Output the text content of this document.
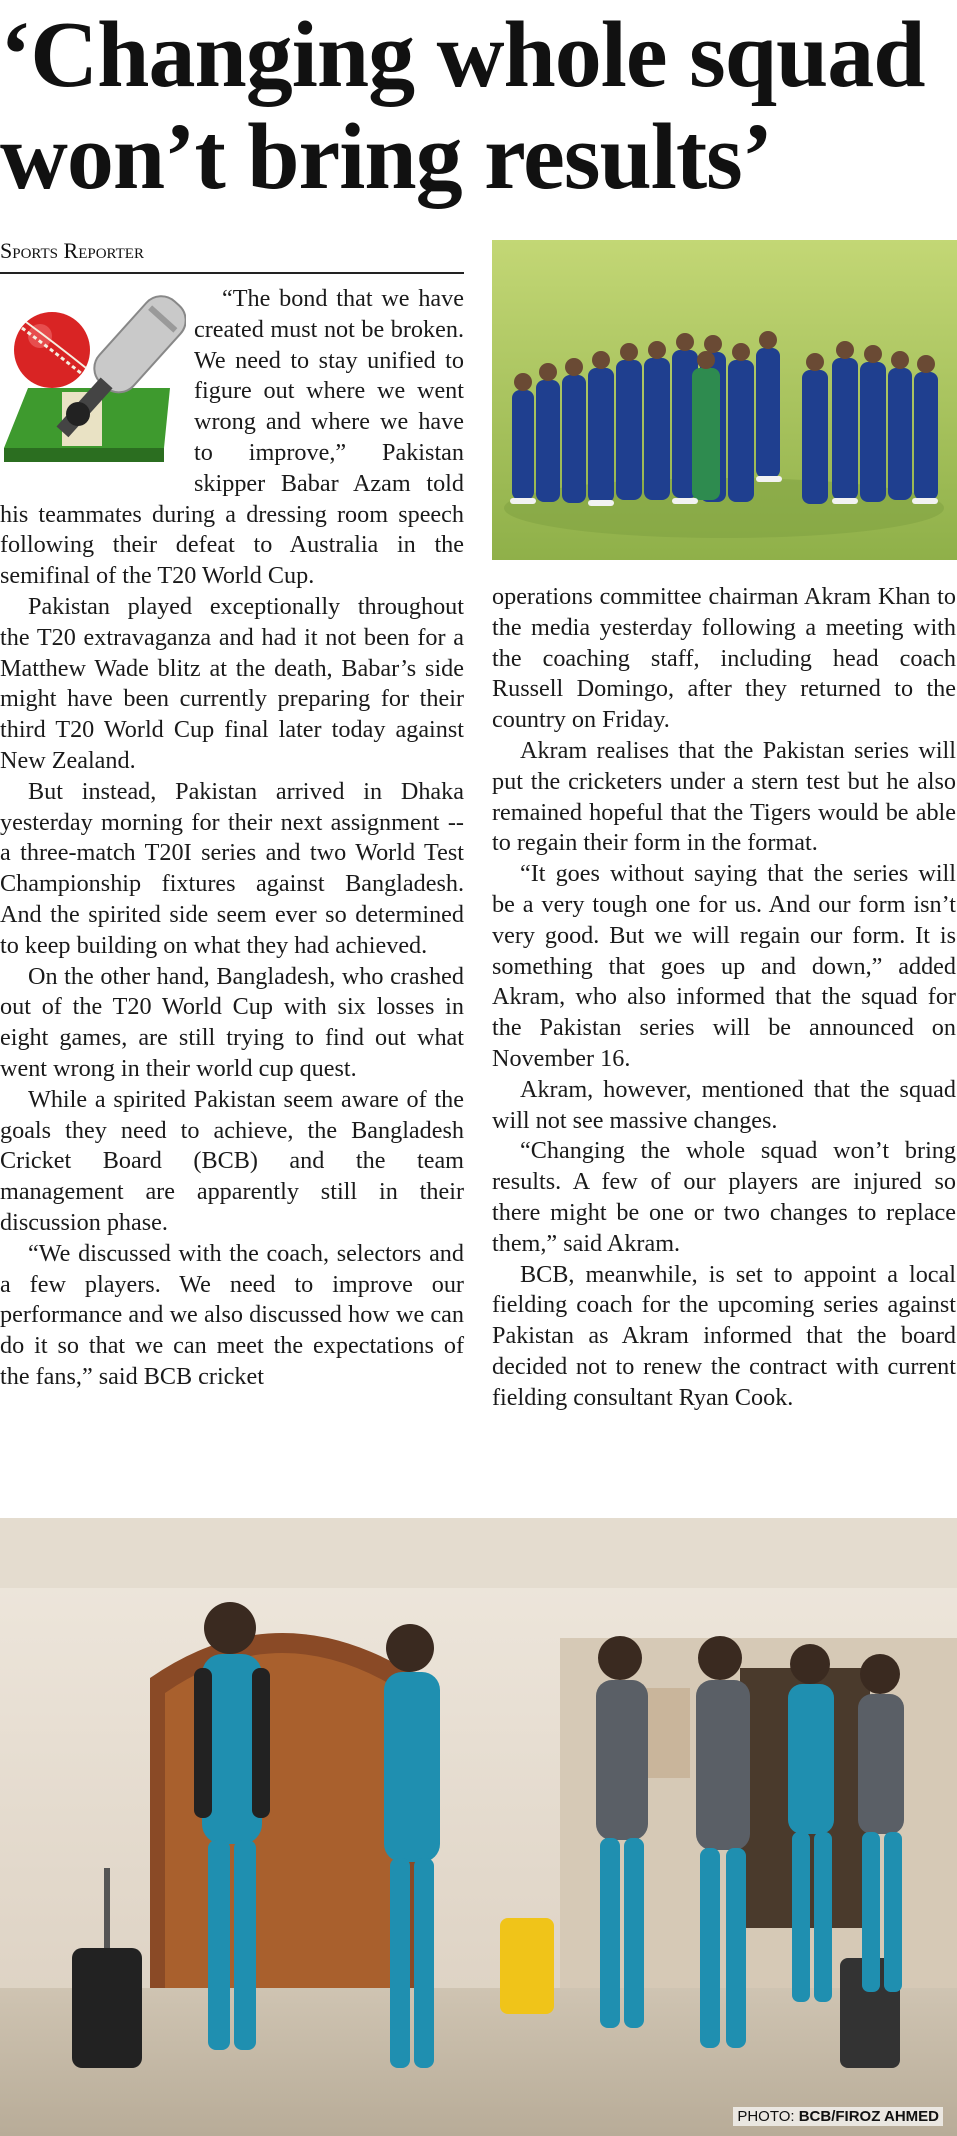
‘Changing whole squad
won’t bring results’
Sports Reporter

“The bond that we have created must not be broken. We need to stay unified to figure out where we went wrong and where we have to improve,” Pakistan skipper Babar Azam told his teammates during a dressing room speech following their defeat to Australia in the semifinal of the T20 World Cup.

Pakistan played exceptionally throughout the T20 extravaganza and had it not been for a Matthew Wade blitz at the death, Babar’s side might have been currently preparing for their third T20 World Cup final later today against New Zealand.

But instead, Pakistan arrived in Dhaka yesterday morning for their next assignment -- a three-match T20I series and two World Test Championship fixtures against Bangladesh. And the spirited side seem ever so determined to keep building on what they had achieved.

On the other hand, Bangladesh, who crashed out of the T20 World Cup with six losses in eight games, are still trying to find out what went wrong in their world cup quest.

While a spirited Pakistan seem aware of the goals they need to achieve, the Bangladesh Cricket Board (BCB) and the team management are apparently still in their discussion phase.

“We discussed with the coach, selectors and a few players. We need to improve our performance and we also discussed how we can do it so that we can meet the expectations of the fans,” said BCB cricket

operations committee chairman Akram Khan to the media yesterday following a meeting with the coaching staff, including head coach Russell Domingo, after they returned to the country on Friday.

Akram realises that the Pakistan series will put the cricketers under a stern test but he also remained hopeful that the Tigers would be able to regain their form in the format.

“It goes without saying that the series will be a very tough one for us. And our form isn’t very good. But we will regain our form. It is something that goes up and down,” added Akram, who also informed that the squad for the Pakistan series will be announced on November 16.

Akram, however, mentioned that the squad will not see massive changes.

“Changing the whole squad won’t bring results. A few of our players are injured so there might be one or two changes to replace them,” said Akram.

BCB, meanwhile, is set to appoint a local fielding coach for the upcoming series against Pakistan as Akram informed that the board decided not to renew the contract with current fielding consultant Ryan Cook.

PHOTO: BCB/FIROZ AHMED
